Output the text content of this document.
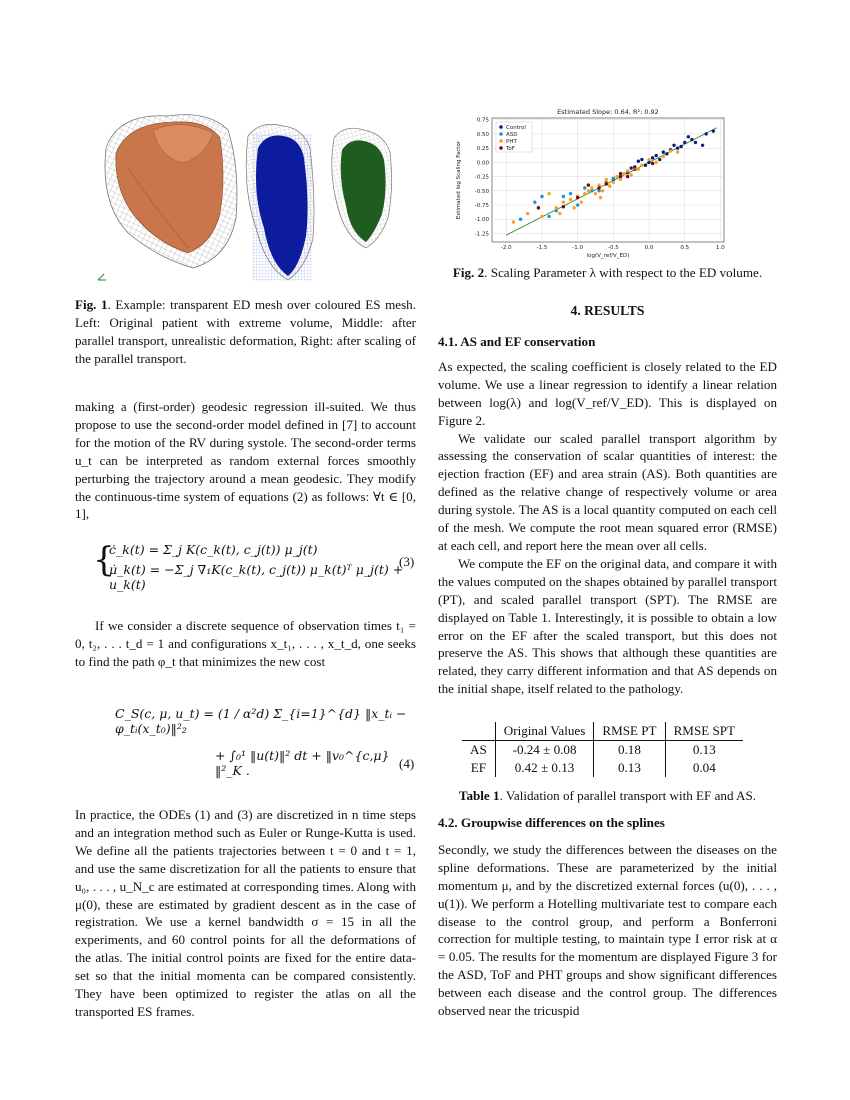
Fig. 1. Example: transparent ED mesh over coloured ES mesh. Left: Original patient with extreme volume, Middle: after parallel transport, unrealistic deformation, Right: after scaling of the parallel transport.
-2.0	-1.5	-1.0	-0.5	0.0	0.5	1.0
0.75
0.50
0.25
0.00
-0.25
-0.50
-0.75
-1.00
-1.25
Estimated Slope: 0.64, R²: 0.92
log(V_ref/V_ED)
Estimated log Scaling Factor
Control
ASD
PHT
ToF
Fig. 2. Scaling Parameter λ with respect to the ED volume.

making a (first-order) geodesic regression ill-suited. We thus propose to use the second-order model defined in [7] to account for the motion of the RV during systole. The second-order terms u_t can be interpreted as random external forces smoothly perturbing the trajectory around a mean geodesic. They modify the continuous-time system of equations (2) as follows: ∀t ∈ [0, 1],

{
ċ_k(t) = Σ_j K(c_k(t), c_j(t)) μ_j(t)
μ̇_k(t) = −Σ_j ∇₁K(c_k(t), c_j(t)) μ_k(t)ᵀ μ_j(t) + u_k(t)
(3)

If we consider a discrete sequence of observation times t₁ = 0, t₂, . . . t_d = 1 and configurations x_t₁, . . . , x_t_d, one seeks to find the path φ_t that minimizes the new cost

C_S(c, μ, u_t) = (1 / α²d) Σ_{i=1}^{d} ‖x_tᵢ − φ_tᵢ(x_t₀)‖²₂
+ ∫₀¹ ‖u(t)‖² dt + ‖v₀^{c,μ}‖²_K .	(4)

In practice, the ODEs (1) and (3) are discretized in n time steps and an integration method such as Euler or Runge-Kutta is used. We define all the patients trajectories between t = 0 and t = 1, and use the same discretization for all the patients to ensure that u₀, . . . , u_N_c are estimated at corresponding times. Along with μ(0), these are estimated by gradient descent as in the case of registration. We use a kernel bandwidth σ = 15 in all the experiments, and 60 control points for all the deformations of the atlas. The initial control points are fixed for the entire data-set so that the initial momenta can be compared consistently. They have been optimized to register the atlas on all the transported ES frames.

4. RESULTS

4.1. AS and EF conservation

As expected, the scaling coefficient is closely related to the ED volume. We use a linear regression to identify a linear relation between log(λ) and log(V_ref/V_ED). This is displayed on Figure 2.

We validate our scaled parallel transport algorithm by assessing the conservation of scalar quantities of interest: the ejection fraction (EF) and area strain (AS). Both quantities are defined as the relative change of respectively volume or area during systole. The AS is a local quantity computed on each cell of the mesh. We compute the root mean squared error (RMSE) at each cell, and report here the mean over all cells.

We compute the EF on the original data, and compare it with the values computed on the shapes obtained by parallel transport (PT), and scaled parallel transport (SPT). The RMSE are displayed on Table 1. Interestingly, it is possible to obtain a low error on the EF after the scaled transport, but this does not preserve the AS. This shows that although these quantities are related, they carry different information and that AS depends on the initial shape, itself related to the pathology.

	Original Values	RMSE PT	RMSE SPT
AS	-0.24 ± 0.08	0.18	0.13
EF	0.42 ± 0.13	0.13	0.04
Table 1. Validation of parallel transport with EF and AS.

4.2. Groupwise differences on the splines

Secondly, we study the differences between the diseases on the spline deformations. These are parameterized by the initial momentum μ, and by the discretized external forces (u(0), . . . , u(1)). We perform a Hotelling multivariate test to compare each disease to the control group, and perform a Bonferroni correction for multiple testing, to maintain type I error risk at α = 0.05. The results for the momentum are displayed Figure 3 for the ASD, ToF and PHT groups and show significant differences between each disease and the control group. The differences observed near the tricuspid
